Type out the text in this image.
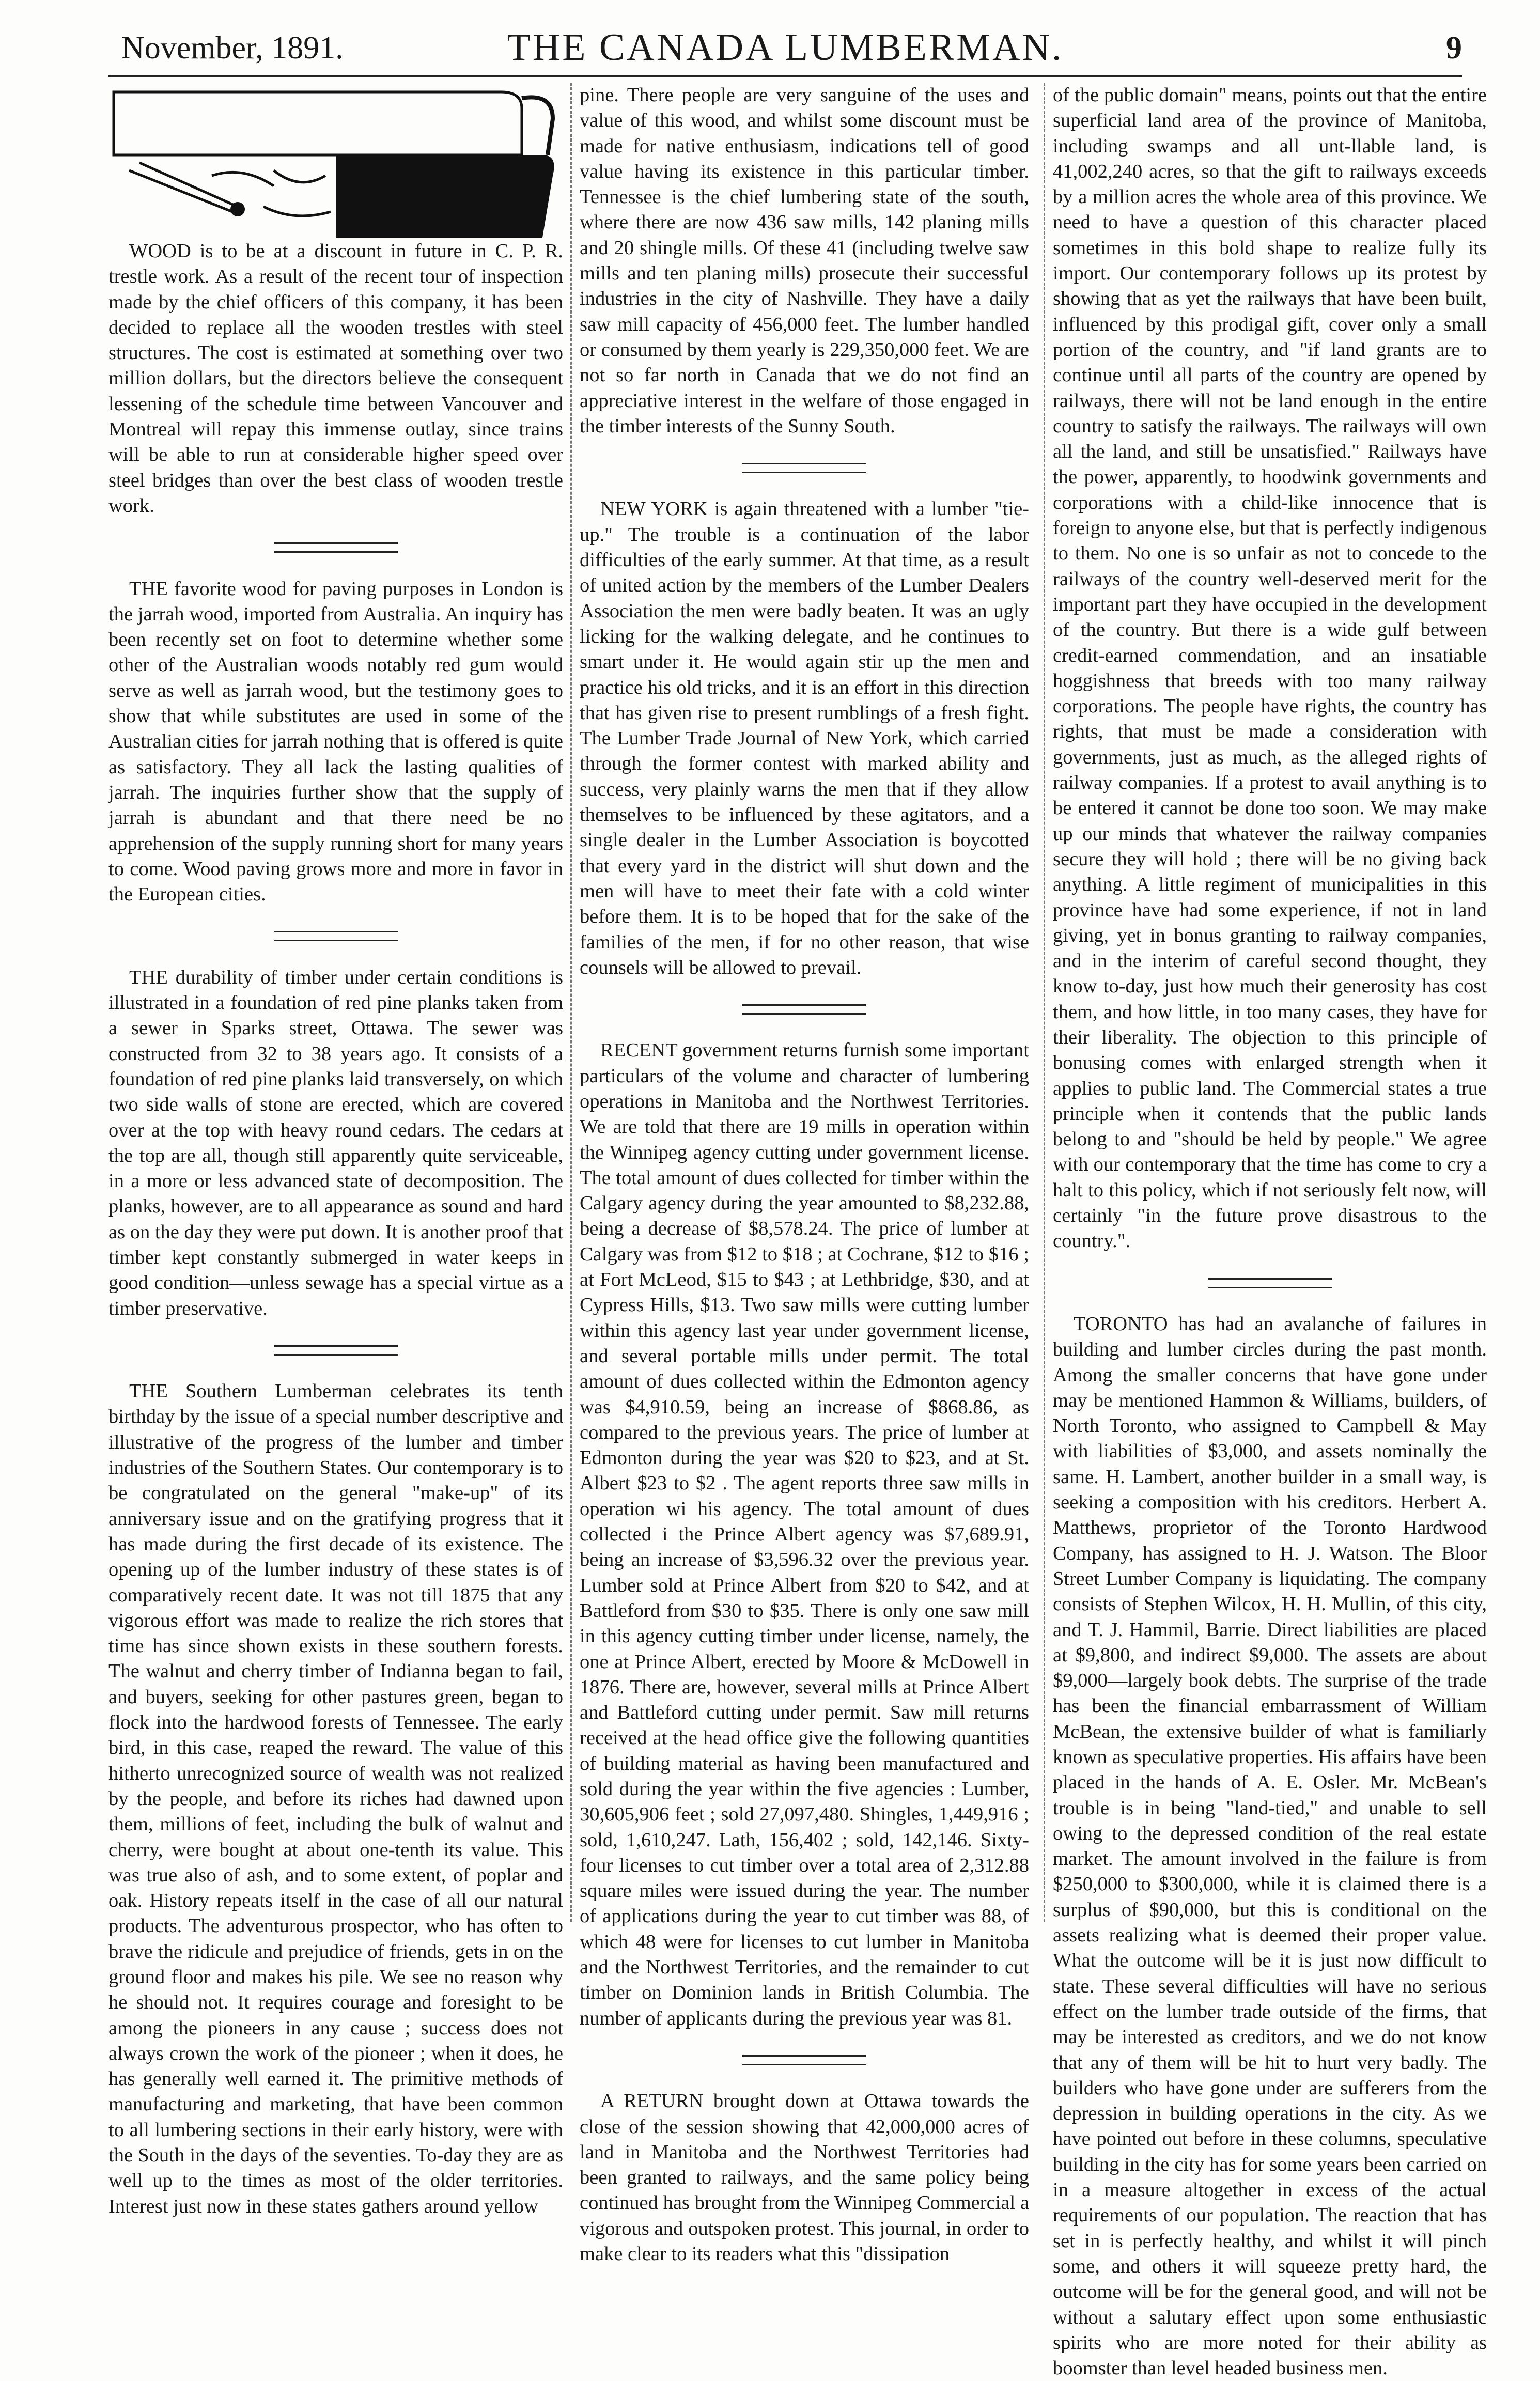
November, 1891.	THE CANADA LUMBERMAN.	9

WOOD is to be at a discount in future in C. P. R. trestle work. As a result of the recent tour of inspection made by the chief officers of this company, it has been decided to replace all the wooden trestles with steel structures. The cost is estimated at something over two million dollars, but the directors believe the consequent lessening of the schedule time between Vancouver and Montreal will repay this immense outlay, since trains will be able to run at considerable higher speed over steel bridges than over the best class of wooden trestle work.

THE favorite wood for paving purposes in London is the jarrah wood, imported from Australia. An inquiry has been recently set on foot to determine whether some other of the Australian woods notably red gum would serve as well as jarrah wood, but the testimony goes to show that while substitutes are used in some of the Australian cities for jarrah nothing that is offered is quite as satisfactory. They all lack the lasting qualities of jarrah. The inquiries further show that the supply of jarrah is abundant and that there need be no apprehension of the supply running short for many years to come. Wood paving grows more and more in favor in the European cities.

THE durability of timber under certain conditions is illustrated in a foundation of red pine planks taken from a sewer in Sparks street, Ottawa. The sewer was constructed from 32 to 38 years ago. It consists of a foundation of red pine planks laid transversely, on which two side walls of stone are erected, which are covered over at the top with heavy round cedars. The cedars at the top are all, though still apparently quite serviceable, in a more or less advanced state of decomposition. The planks, however, are to all appearance as sound and hard as on the day they were put down. It is another proof that timber kept constantly submerged in water keeps in good condition—unless sewage has a special virtue as a timber preservative.

THE Southern Lumberman celebrates its tenth birthday by the issue of a special number descriptive and illustrative of the progress of the lumber and timber industries of the Southern States. Our contemporary is to be congratulated on the general "make-up" of its anniversary issue and on the gratifying progress that it has made during the first decade of its existence. The opening up of the lumber industry of these states is of comparatively recent date. It was not till 1875 that any vigorous effort was made to realize the rich stores that time has since shown exists in these southern forests. The walnut and cherry timber of Indianna began to fail, and buyers, seeking for other pastures green, began to flock into the hardwood forests of Tennessee. The early bird, in this case, reaped the reward. The value of this hitherto unrecognized source of wealth was not realized by the people, and before its riches had dawned upon them, millions of feet, including the bulk of walnut and cherry, were bought at about one-tenth its value. This was true also of ash, and to some extent, of poplar and oak. History repeats itself in the case of all our natural products. The adventurous prospector, who has often to brave the ridicule and prejudice of friends, gets in on the ground floor and makes his pile. We see no reason why he should not. It requires courage and foresight to be among the pioneers in any cause ; success does not always crown the work of the pioneer ; when it does, he has generally well earned it. The primitive methods of manufacturing and marketing, that have been common to all lumbering sections in their early history, were with the South in the days of the seventies. To-day they are as well up to the times as most of the older territories. Interest just now in these states gathers around yellow

pine. There people are very sanguine of the uses and value of this wood, and whilst some discount must be made for native enthusiasm, indications tell of good value having its existence in this particular timber. Tennessee is the chief lumbering state of the south, where there are now 436 saw mills, 142 planing mills and 20 shingle mills. Of these 41 (including twelve saw mills and ten planing mills) prosecute their successful industries in the city of Nashville. They have a daily saw mill capacity of 456,000 feet. The lumber handled or consumed by them yearly is 229,350,000 feet. We are not so far north in Canada that we do not find an appreciative interest in the welfare of those engaged in the timber interests of the Sunny South.

NEW YORK is again threatened with a lumber "tie-up." The trouble is a continuation of the labor difficulties of the early summer. At that time, as a result of united action by the members of the Lumber Dealers Association the men were badly beaten. It was an ugly licking for the walking delegate, and he continues to smart under it. He would again stir up the men and practice his old tricks, and it is an effort in this direction that has given rise to present rumblings of a fresh fight. The Lumber Trade Journal of New York, which carried through the former contest with marked ability and success, very plainly warns the men that if they allow themselves to be influenced by these agitators, and a single dealer in the Lumber Association is boycotted that every yard in the district will shut down and the men will have to meet their fate with a cold winter before them. It is to be hoped that for the sake of the families of the men, if for no other reason, that wise counsels will be allowed to prevail.

RECENT government returns furnish some important particulars of the volume and character of lumbering operations in Manitoba and the Northwest Territories. We are told that there are 19 mills in operation within the Winnipeg agency cutting under government license. The total amount of dues collected for timber within the Calgary agency during the year amounted to $8,232.88, being a decrease of $8,578.24. The price of lumber at Calgary was from $12 to $18 ; at Cochrane, $12 to $16 ; at Fort McLeod, $15 to $43 ; at Lethbridge, $30, and at Cypress Hills, $13. Two saw mills were cutting lumber within this agency last year under government license, and several portable mills under permit. The total amount of dues collected within the Edmonton agency was $4,910.59, being an increase of $868.86, as compared to the previous years. The price of lumber at Edmonton during the year was $20 to $23, and at St. Albert $23 to $2 . The agent reports three saw mills in operation wi his agency. The total amount of dues collected i the Prince Albert agency was $7,689.91, being an increase of $3,596.32 over the previous year. Lumber sold at Prince Albert from $20 to $42, and at Battleford from $30 to $35. There is only one saw mill in this agency cutting timber under license, namely, the one at Prince Albert, erected by Moore & McDowell in 1876. There are, however, several mills at Prince Albert and Battleford cutting under permit. Saw mill returns received at the head office give the following quantities of building material as having been manufactured and sold during the year within the five agencies : Lumber, 30,605,906 feet ; sold 27,097,480. Shingles, 1,449,916 ; sold, 1,610,247. Lath, 156,402 ; sold, 142,146. Sixty-four licenses to cut timber over a total area of 2,312.88 square miles were issued during the year. The number of applications during the year to cut timber was 88, of which 48 were for licenses to cut lumber in Manitoba and the Northwest Territories, and the remainder to cut timber on Dominion lands in British Columbia. The number of applicants during the previous year was 81.

A RETURN brought down at Ottawa towards the close of the session showing that 42,000,000 acres of land in Manitoba and the Northwest Territories had been granted to railways, and the same policy being continued has brought from the Winnipeg Commercial a vigorous and outspoken protest. This journal, in order to make clear to its readers what this "dissipation

of the public domain" means, points out that the entire superficial land area of the province of Manitoba, including swamps and all unt-llable land, is 41,002,240 acres, so that the gift to railways exceeds by a million acres the whole area of this province. We need to have a question of this character placed sometimes in this bold shape to realize fully its import. Our contemporary follows up its protest by showing that as yet the railways that have been built, influenced by this prodigal gift, cover only a small portion of the country, and "if land grants are to continue until all parts of the country are opened by railways, there will not be land enough in the entire country to satisfy the railways. The railways will own all the land, and still be unsatisfied." Railways have the power, apparently, to hoodwink governments and corporations with a child-like innocence that is foreign to anyone else, but that is perfectly indigenous to them. No one is so unfair as not to concede to the railways of the country well-deserved merit for the important part they have occupied in the development of the country. But there is a wide gulf between credit-earned commendation, and an insatiable hoggishness that breeds with too many railway corporations. The people have rights, the country has rights, that must be made a consideration with governments, just as much, as the alleged rights of railway companies. If a protest to avail anything is to be entered it cannot be done too soon. We may make up our minds that whatever the railway companies secure they will hold ; there will be no giving back anything. A little regiment of municipalities in this province have had some experience, if not in land giving, yet in bonus granting to railway companies, and in the interim of careful second thought, they know to-day, just how much their generosity has cost them, and how little, in too many cases, they have for their liberality. The objection to this principle of bonusing comes with enlarged strength when it applies to public land. The Commercial states a true principle when it contends that the public lands belong to and "should be held by people." We agree with our contemporary that the time has come to cry a halt to this policy, which if not seriously felt now, will certainly "in the future prove disastrous to the country.".

TORONTO has had an avalanche of failures in building and lumber circles during the past month. Among the smaller concerns that have gone under may be mentioned Hammon & Williams, builders, of North Toronto, who assigned to Campbell & May with liabilities of $3,000, and assets nominally the same. H. Lambert, another builder in a small way, is seeking a composition with his creditors. Herbert A. Matthews, proprietor of the Toronto Hardwood Company, has assigned to H. J. Watson. The Bloor Street Lumber Company is liquidating. The company consists of Stephen Wilcox, H. H. Mullin, of this city, and T. J. Hammil, Barrie. Direct liabilities are placed at $9,800, and indirect $9,000. The assets are about $9,000—largely book debts. The surprise of the trade has been the financial embarrassment of William McBean, the extensive builder of what is familiarly known as speculative properties. His affairs have been placed in the hands of A. E. Osler. Mr. McBean's trouble is in being "land-tied," and unable to sell owing to the depressed condition of the real estate market. The amount involved in the failure is from $250,000 to $300,000, while it is claimed there is a surplus of $90,000, but this is conditional on the assets realizing what is deemed their proper value. What the outcome will be it is just now difficult to state. These several difficulties will have no serious effect on the lumber trade outside of the firms, that may be interested as creditors, and we do not know that any of them will be hit to hurt very badly. The builders who have gone under are sufferers from the depression in building operations in the city. As we have pointed out before in these columns, speculative building in the city has for some years been carried on in a measure altogether in excess of the actual requirements of our population. The reaction that has set in is perfectly healthy, and whilst it will pinch some, and others it will squeeze pretty hard, the outcome will be for the general good, and will not be without a salutary effect upon some enthusiastic spirits who are more noted for their ability as boomster than level headed business men.
